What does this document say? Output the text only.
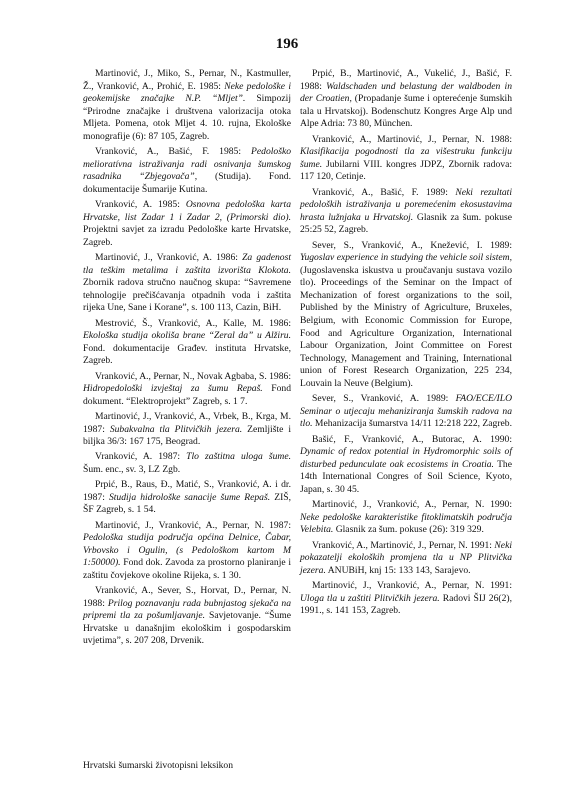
196

Martinović, J., Miko, S., Pernar, N., Kastmuller, Ž., Vranković, A., Prohić, E. 1985: Neke pedološke i geokemijske značajke N.P. “Mljet”. Simpozij “Prirodne značajke i društvena valorizacija otoka Mljeta. Pomena, otok Mljet 4. 10. rujna, Ekološke monografije (6): 87 105, Zagreb.

Vranković, A., Bašić, F. 1985: Pedološko melioratívna istraživanja radi osnivanja šumskog rasadnika “Zbjegovača”, (Studija). Fond. dokumentacije Šumarije Kutina.

Vranković, A. 1985: Osnovna pedološka karta Hrvatske, list Zadar 1 i Zadar 2, (Primorski dio). Projektni savjet za izradu Pedološke karte Hrvatske, Zagreb.

Martinović, J., Vranković, A. 1986: Za gadenost tla teškim metalima i zaštita izvorišta Klokota. Zbornik radova stručno naučnog skupa: “Savremene tehnologije prečišćavanja otpadnih voda i zaštita rijeka Une, Sane i Korane”, s. 100 113, Cazin, BiH.

Mestrović, Š., Vranković, A., Kalle, M. 1986: Ekološka studija okoliša brane “Zeral da” u Alžiru. Fond. dokumentacije Građev. instituta Hrvatske, Zagreb.

Vranković, A., Pernar, N., Novak Agbaba, S. 1986: Hidropedološki izvještaj za šumu Repaš. Fond dokument. “Elektroprojekt” Zagreb, s. 1 7.

Martinović, J., Vranković, A., Vrbek, B., Krga, M. 1987: Subakvalna tla Plitvičkih jezera. Zemljište i biljka 36/3: 167 175, Beograd.

Vranković, A. 1987: Tlo zaštitna uloga šume. Šum. enc., sv. 3, LZ Zgb.

Prpić, B., Raus, Đ., Matić, S., Vranković, A. i dr. 1987: Studija hidrološke sanacije šume Repaš. ZIŠ, ŠF Zagreb, s. 1 54.

Martinović, J., Vranković, A., Pernar, N. 1987: Pedološka studija područja općina Delnice, Čabar, Vrbovsko i Ogulin, (s Pedološkom kartom M 1:50000). Fond dok. Zavoda za prostorno planiranje i zaštitu čovjekove okoline Rijeka, s. 1 30.

Vranković, A., Sever, S., Horvat, D., Pernar, N. 1988: Prilog poznavanju rada bubnjastog sjekača na pripremi tla za pošumljavanje. Savjetovanje. “Šume Hrvatske u današnjim ekološkim i gospodarskim uvjetima”, s. 207 208, Drvenik.

Prpić, B., Martinović, A., Vukelić, J., Bašić, F. 1988: Waldschaden und belastung der waldboden in der Croatien, (Propadanje šume i opterećenje šumskih tala u Hrvatskoj). Bodenschutz Kongres Arge Alp und Alpe Adria: 73 80, München.

Vranković, A., Martinović, J., Pernar, N. 1988: Klasifikacija pogodnosti tla za višestruku funkciju šume. Jubilarni VIII. kongres JDPZ, Zbornik radova: 117 120, Cetinje.

Vranković, A., Bašić, F. 1989: Neki rezultati pedoloških istraživanja u poremećenim ekosustavima hrasta lužnjaka u Hrvatskoj. Glasnik za šum. pokuse 25:25 52, Zagreb.

Sever, S., Vranković, A., Knežević, I. 1989: Yugoslav experience in studying the vehicle soil sistem, (Jugoslavenska iskustva u proučavanju sustava vozilo tlo). Proceedings of the Seminar on the Impact of Mechanization of forest organizations to the soil, Published by the Ministry of Agriculture, Bruxeles, Belgium, with Economic Commission for Europe, Food and Agriculture Organization, International Labour Organization, Joint Committee on Forest Technology, Management and Training, International union of Forest Research Organization, 225 234, Louvain la Neuve (Belgium).

Sever, S., Vranković, A. 1989: FAO/ECE/ILO Seminar o utjecaju mehaniziranja šumskih radova na tlo. Mehanizacija šumarstva 14/11 12:218 222, Zagreb.

Bašić, F., Vranković, A., Butorac, A. 1990: Dynamic of redox potential in Hydromorphic soils of disturbed pedunculate oak ecosistems in Croatia. The 14th International Congres of Soil Science, Kyoto, Japan, s. 30 45.

Martinović, J., Vranković, A., Pernar, N. 1990: Neke pedološke karakteristike fitoklimatskih područja Velebita. Glasnik za šum. pokuse (26): 319 329.

Vranković, A., Martinović, J., Pernar, N. 1991: Neki pokazatelji ekoloških promjena tla u NP Plitvička jezera. ANUBiH, knj 15: 133 143, Sarajevo.

Martinović, J., Vranković, A., Pernar, N. 1991: Uloga tla u zaštiti Plitvičkih jezera. Radovi ŠIJ 26(2), 1991., s. 141 153, Zagreb.

Hrvatski šumarski životopisni leksikon
